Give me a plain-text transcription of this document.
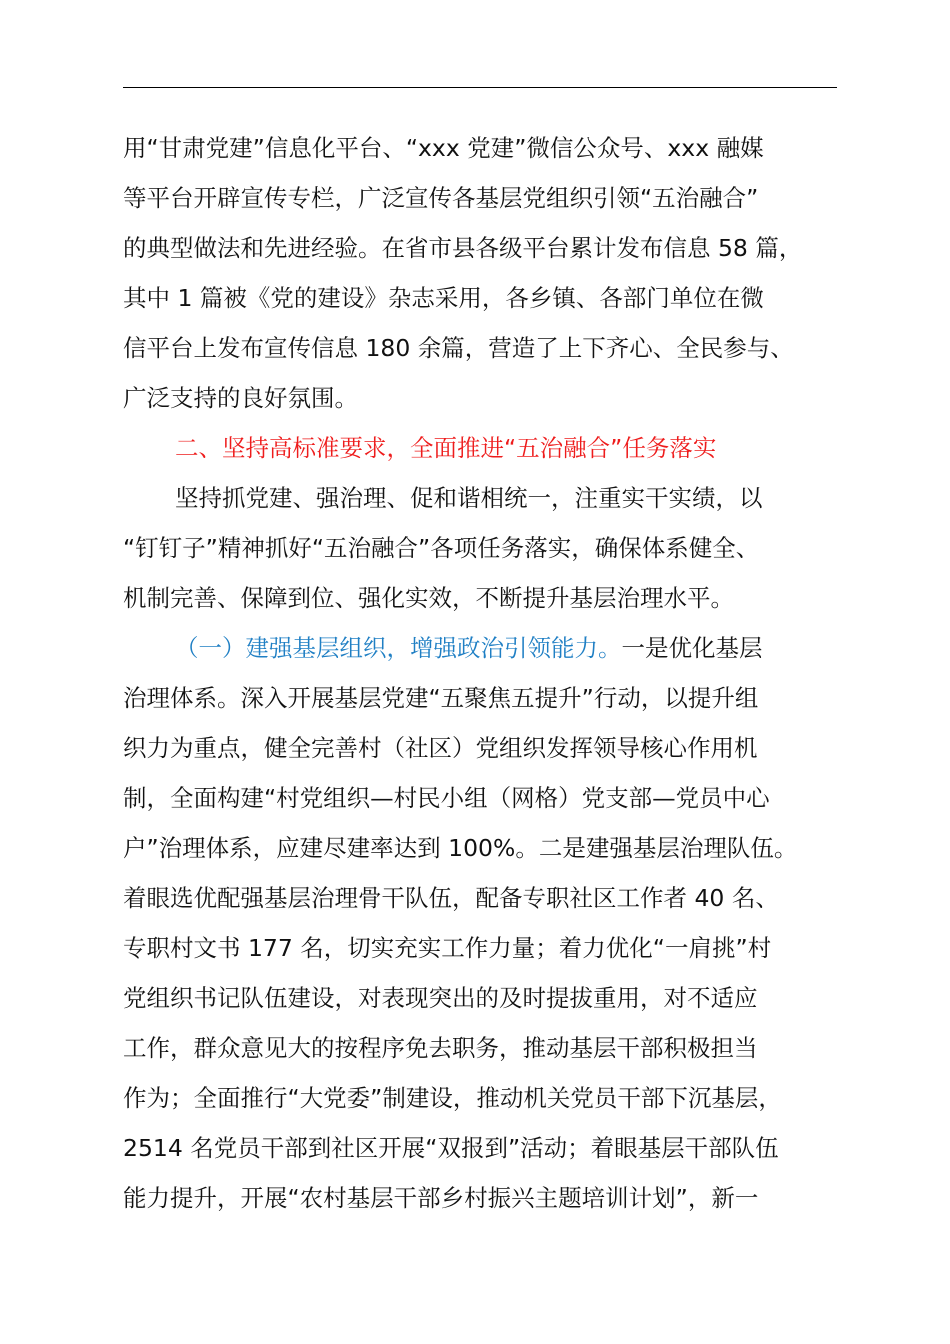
用“甘肃党建”信息化平台、“xxx 党建”微信公众号、xxx 融媒
等平台开辟宣传专栏，广泛宣传各基层党组织引领“五治融合”
的典型做法和先进经验。在省市县各级平台累计发布信息 58 篇，
其中 1 篇被《党的建设》杂志采用，各乡镇、各部门单位在微
信平台上发布宣传信息 180 余篇，营造了上下齐心、全民参与、
广泛支持的良好氛围。
二、坚持高标准要求，全面推进“五治融合”任务落实
坚持抓党建、强治理、促和谐相统一，注重实干实绩，以
“钉钉子”精神抓好“五治融合”各项任务落实，确保体系健全、
机制完善、保障到位、强化实效，不断提升基层治理水平。
（一）建强基层组织，增强政治引领能力。一是优化基层
治理体系。深入开展基层党建“五聚焦五提升”行动，以提升组
织力为重点，健全完善村（社区）党组织发挥领导核心作用机
制，全面构建“村党组织—村民小组（网格）党支部—党员中心
户”治理体系，应建尽建率达到 100%。二是建强基层治理队伍。
着眼选优配强基层治理骨干队伍，配备专职社区工作者 40 名、
专职村文书 177 名，切实充实工作力量；着力优化“一肩挑”村
党组织书记队伍建设，对表现突出的及时提拔重用，对不适应
工作，群众意见大的按程序免去职务，推动基层干部积极担当
作为；全面推行“大党委”制建设，推动机关党员干部下沉基层，
2514 名党员干部到社区开展“双报到”活动；着眼基层干部队伍
能力提升，开展“农村基层干部乡村振兴主题培训计划”，新一
